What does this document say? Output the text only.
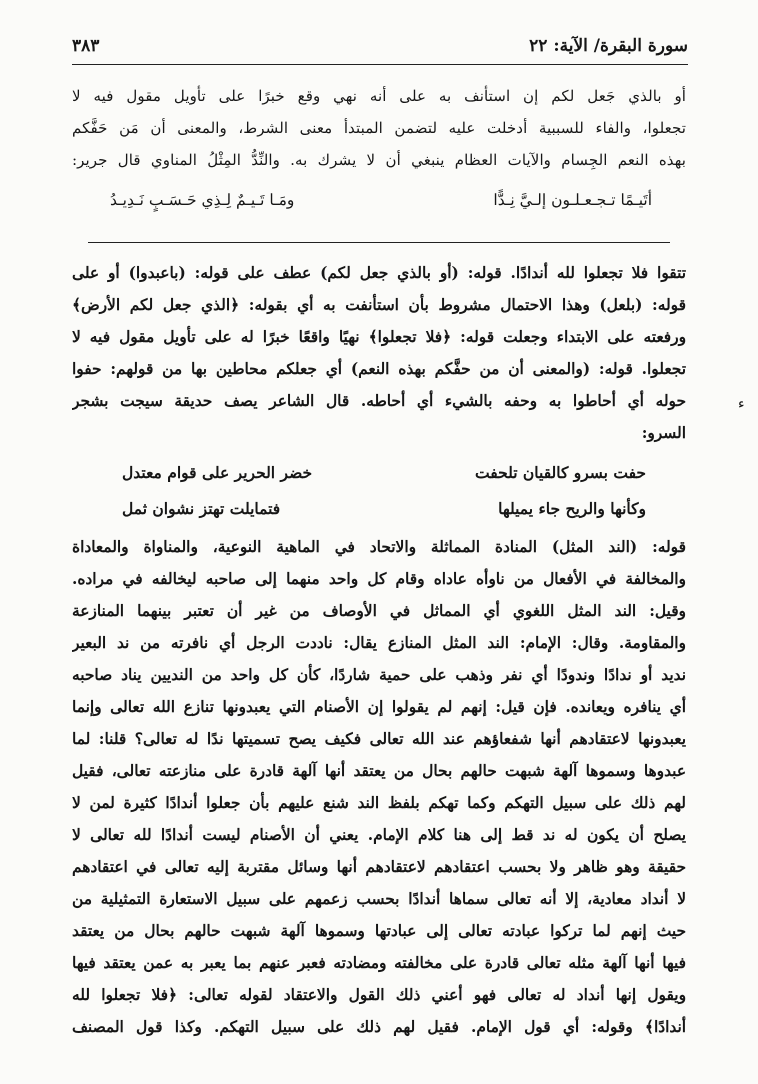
سورة البقرة/ الآية: ٢٢
٣٨٣
أو بالذي جَعل لكم إن استأنف به على أنه نهي وقع خبرًا على تأويل مقول فيه لا
تجعلوا، والفاء للسببية أدخلت عليه لتضمن المبتدأ معنى الشرط، والمعنى أن مَن حَفَّكم
بهذه النعم الجِسام والآيات العظام ينبغي أن لا يشرك به. والنِّدُّ المِثْلُ المناوي قال جرير:
أتَيـمًا تـجـعـلـون إلـيَّ نِـدًّا
ومَـا تَـيـمٌ لِـذِي حَـسَـبٍ نَـدِيـدُ
تتقوا فلا تجعلوا لله أندادًا. قوله: (أو بالذي جعل لكم) عطف على قوله: (باعبدوا) أو على
قوله: (بلعل) وهذا الاحتمال مشروط بأن استأنفت به أي بقوله: ﴿الذي جعل لكم الأرض﴾
ورفعته على الابتداء وجعلت قوله: ﴿فلا تجعلوا﴾ نهيًا واقعًا خبرًا له على تأويل مقول فيه لا
تجعلوا. قوله: (والمعنى أن من حفَّكم بهذه النعم) أي جعلكم محاطين بها من قولهم: حفوا
حوله أي أحاطوا به وحفه بالشيء أي أحاطه. قال الشاعر يصف حديقة سيجت بشجر
السرو:
حفت بسرو كالقيان تلحفت
خضر الحرير على قوام معتدل
وكأنها والريح جاء يميلها
فتمايلت تهتز نشوان ثمل
قوله: (الند المثل) المنادة المماثلة والاتحاد في الماهية النوعية، والمناواة والمعاداة
والمخالفة في الأفعال من ناوأه عاداه وقام كل واحد منهما إلى صاحبه ليخالفه في مراده.
وقيل: الند المثل اللغوي أي المماثل في الأوصاف من غير أن تعتبر بينهما المنازعة
والمقاومة. وقال: الإمام: الند المثل المنازع يقال: ناددت الرجل أي نافرته من ند البعير
نديد أو ندادًا وندودًا أي نفر وذهب على حمية شاردًا، كأن كل واحد من النديين يناد صاحبه
أي ينافره ويعانده. فإن قيل: إنهم لم يقولوا إن الأصنام التي يعبدونها تنازع الله تعالى وإنما
يعبدونها لاعتقادهم أنها شفعاؤهم عند الله تعالى فكيف يصح تسميتها ندًا له تعالى؟ قلنا: لما
عبدوها وسموها آلهة شبهت حالهم بحال من يعتقد أنها آلهة قادرة على منازعته تعالى، فقيل
لهم ذلك على سبيل التهكم وكما تهكم بلفظ الند شنع عليهم بأن جعلوا أندادًا كثيرة لمن لا
يصلح أن يكون له ند قط إلى هنا كلام الإمام. يعني أن الأصنام ليست أندادًا لله تعالى لا
حقيقة وهو ظاهر ولا بحسب اعتقادهم لاعتقادهم أنها وسائل مقتربة إليه تعالى في اعتقادهم
لا أنداد معادية، إلا أنه تعالى سماها أندادًا بحسب زعمهم على سبيل الاستعارة التمثيلية من
حيث إنهم لما تركوا عبادته تعالى إلى عبادتها وسموها آلهة شبهت حالهم بحال من يعتقد
فيها أنها آلهة مثله تعالى قادرة على مخالفته ومضادته فعبر عنهم بما يعبر به عمن يعتقد فيها
ويقول إنها أنداد له تعالى فهو أعني ذلك القول والاعتقاد لقوله تعالى: ﴿فلا تجعلوا لله
أندادًا﴾ وقوله: أي قول الإمام. فقيل لهم ذلك على سبيل التهكم. وكذا قول المصنف
ء
